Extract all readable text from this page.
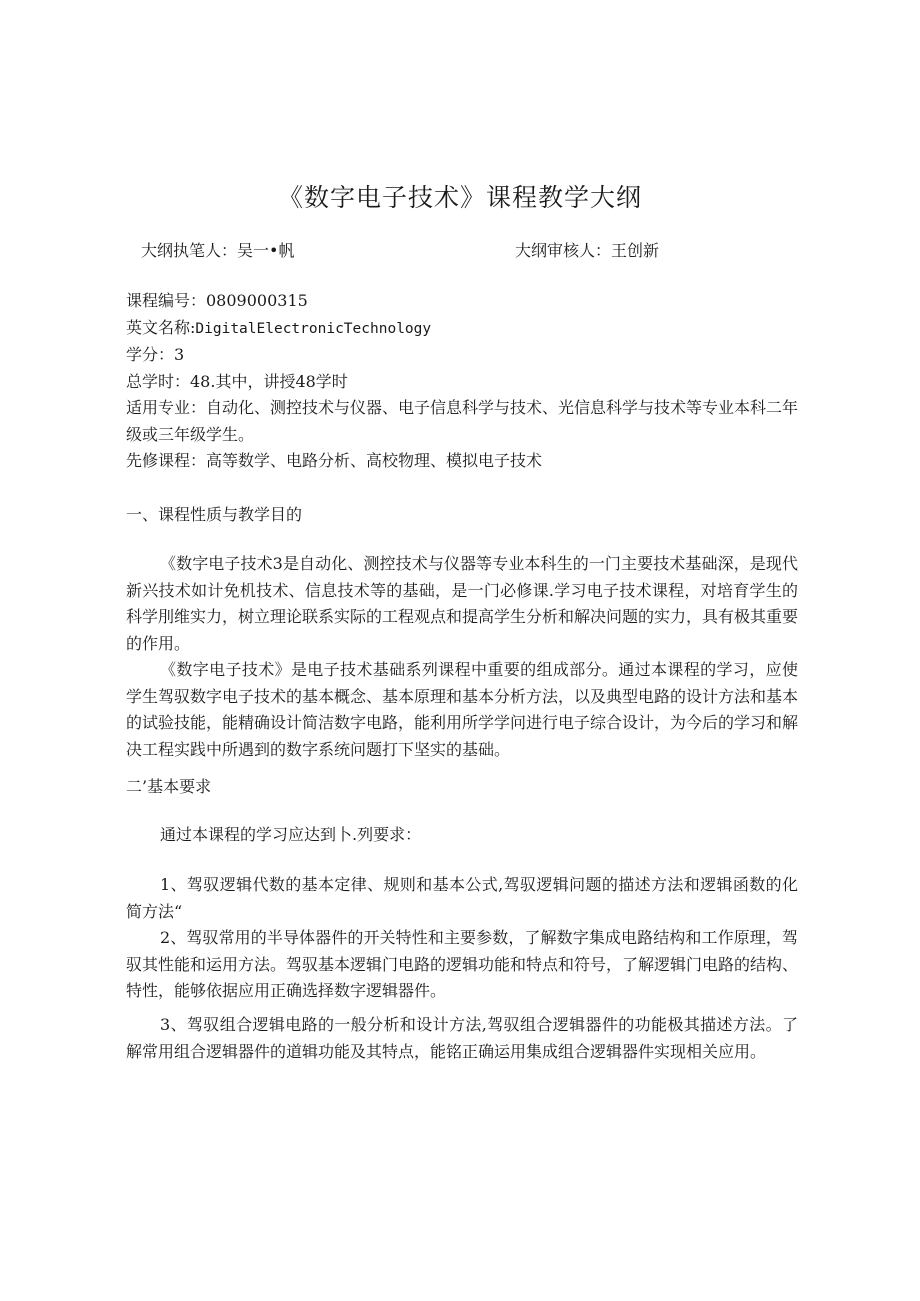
《数字电子技术》课程教学大纲
大纲执笔人：吴一•帆	大纲审核人：王创新
课程编号：0809000315
英文名称:DigitalElectronicTechnology
学分：3
总学时：48.其中，讲授48学时
适用专业：自动化、测控技术与仪器、电子信息科学与技术、光信息科学与技术等专业本科二年级或三年级学生。
先修课程：高等数学、电路分析、高校物理、模拟电子技术
一、课程性质与教学目的
《数字电子技术3是自动化、测控技术与仪器等专业本科生的一门主要技术基础深，是现代新兴技术如计免机技术、信息技术等的基础，是一门必修课.学习电子技术课程，对培育学生的科学刖维实力，树立理论联系实际的工程观点和提高学生分析和解决问题的实力，具有极其重要的作用。
《数字电子技术》是电子技术基础系列课程中重要的组成部分。通过本课程的学习，应使学生驾驭数字电子技术的基本概念、基本原理和基本分析方法，以及典型电路的设计方法和基本的试验技能，能精确设计简洁数字电路，能利用所学学问进行电子综合设计，为今后的学习和解决工程实践中所遇到的数字系统问题打下坚实的基础。
二’基本要求
通过本课程的学习应达到卜.列要求：
1、驾驭逻辑代数的基本定律、规则和基本公式,驾驭逻辑问题的描述方法和逻辑函数的化简方法“
2、驾驭常用的半导体器件的开关特性和主要参数，了解数字集成电路结构和工作原理，驾驭其性能和运用方法。驾驭基本逻辑门电路的逻辑功能和特点和符号，了解逻辑门电路的结构、特性，能够依据应用正确选择数字逻辑器件。
3、驾驭组合逻辑电路的一般分析和设计方法,驾驭组合逻辑器件的功能极其描述方法。了解常用组合逻辑器件的道辑功能及其特点，能铭正确运用集成组合逻辑器件实现相关应用。
